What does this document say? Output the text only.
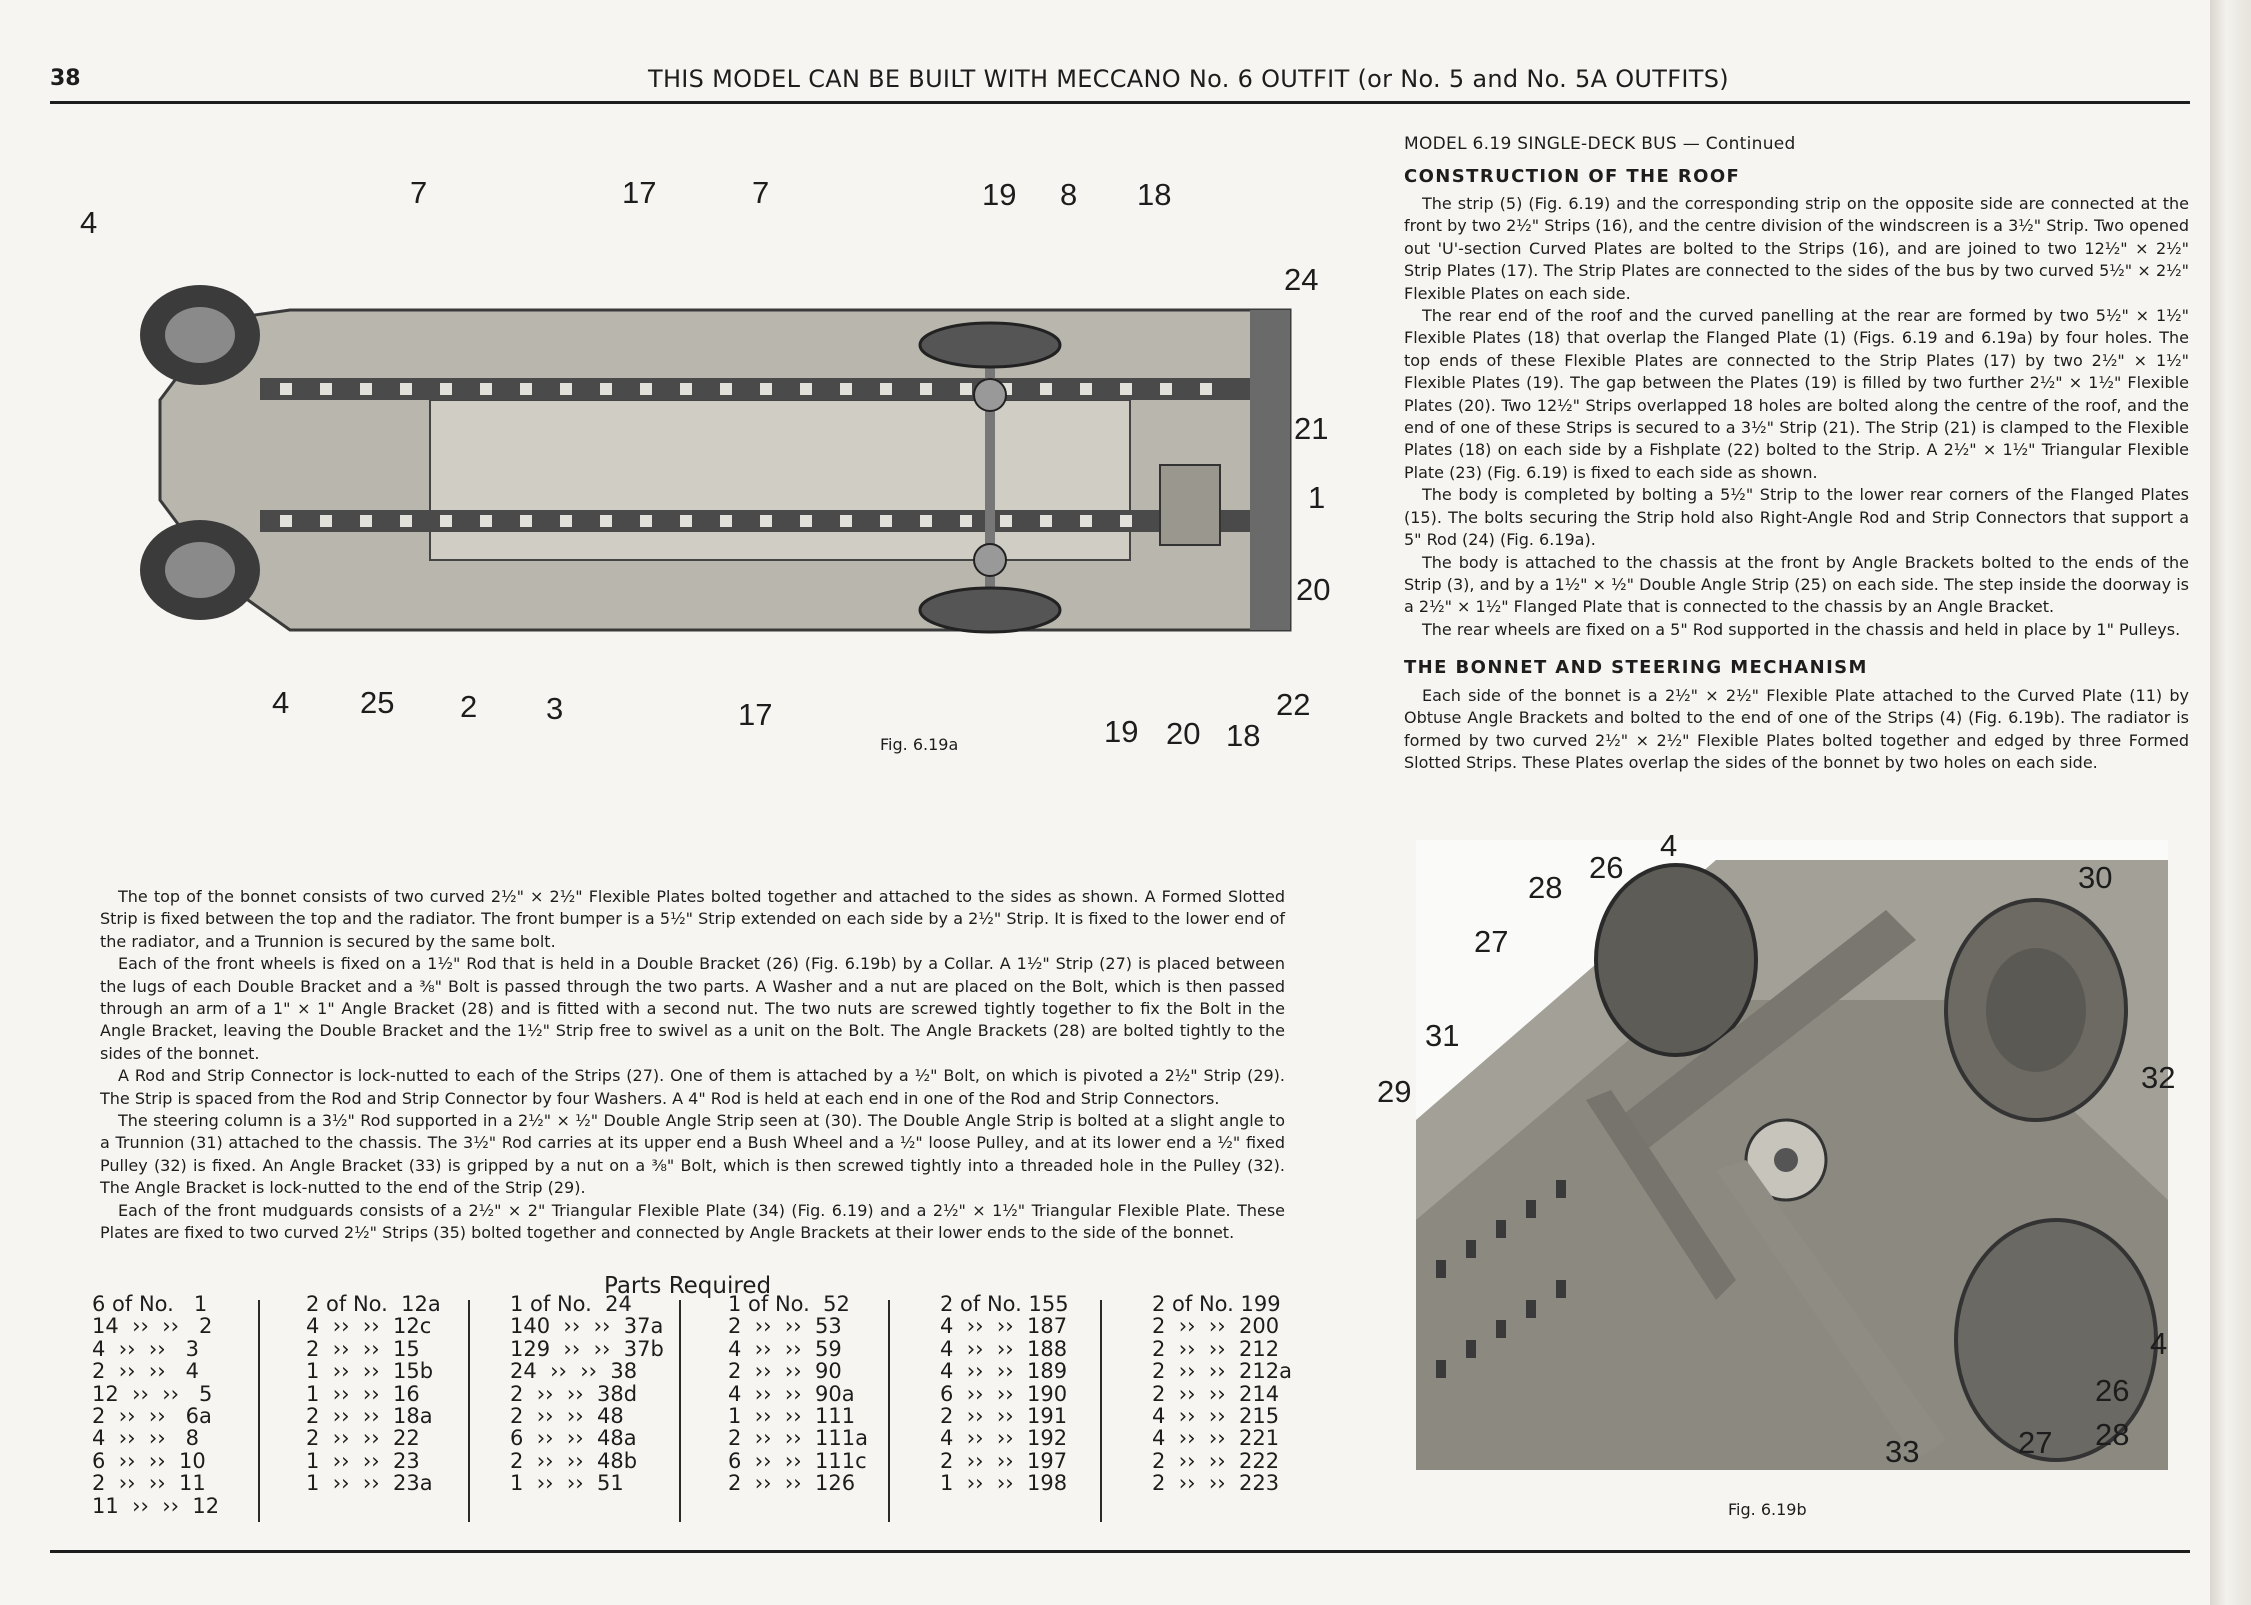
38	THIS MODEL CAN BE BUILT WITH MECCANO No. 6 OUTFIT (or No. 5 and No. 5A OUTFITS)
4
7	17	7	19 8 18
24
21
1
20
22
18
20
19
17
3
2
25
4
Fig. 6.19a
MODEL 6.19 SINGLE-DECK BUS — Continued
CONSTRUCTION OF THE ROOF

The strip (5) (Fig. 6.19) and the corresponding strip on the opposite side are connected at the front by two 2½" Strips (16), and the centre division of the windscreen is a 3½" Strip. Two opened out 'U'-section Curved Plates are bolted to the Strips (16), and are joined to two 12½" × 2½" Strip Plates (17). The Strip Plates are connected to the sides of the bus by two curved 5½" × 2½" Flexible Plates on each side.

The rear end of the roof and the curved panelling at the rear are formed by two 5½" × 1½" Flexible Plates (18) that overlap the Flanged Plate (1) (Figs. 6.19 and 6.19a) by four holes. The top ends of these Flexible Plates are connected to the Strip Plates (17) by two 2½" × 1½" Flexible Plates (19). The gap between the Plates (19) is filled by two further 2½" × 1½" Flexible Plates (20). Two 12½" Strips overlapped 18 holes are bolted along the centre of the roof, and the end of one of these Strips is secured to a 3½" Strip (21). The Strip (21) is clamped to the Flexible Plates (18) on each side by a Fishplate (22) bolted to the Strip. A 2½" × 1½" Triangular Flexible Plate (23) (Fig. 6.19) is fixed to each side as shown.

The body is completed by bolting a 5½" Strip to the lower rear corners of the Flanged Plates (15). The bolts securing the Strip hold also Right-Angle Rod and Strip Connectors that support a 5" Rod (24) (Fig. 6.19a).

The body is attached to the chassis at the front by Angle Brackets bolted to the ends of the Strip (3), and by a 1½" × ½" Double Angle Strip (25) on each side. The step inside the doorway is a 2½" × 1½" Flanged Plate that is connected to the chassis by an Angle Bracket.

The rear wheels are fixed on a 5" Rod supported in the chassis and held in place by 1" Pulleys.

THE BONNET AND STEERING MECHANISM

Each side of the bonnet is a 2½" × 2½" Flexible Plate attached to the Curved Plate (11) by Obtuse Angle Brackets and bolted to the end of one of the Strips (4) (Fig. 6.19b). The radiator is formed by two curved 2½" × 2½" Flexible Plates bolted together and edged by three Formed Slotted Strips. These Plates overlap the sides of the bonnet by two holes on each side.

28
26
4
30
27
31
29	32
4
26
28
27
33
Fig. 6.19b

The top of the bonnet consists of two curved 2½" × 2½" Flexible Plates bolted together and attached to the sides as shown. A Formed Slotted Strip is fixed between the top and the radiator. The front bumper is a 5½" Strip extended on each side by a 2½" Strip. It is fixed to the lower end of the radiator, and a Trunnion is secured by the same bolt.

Each of the front wheels is fixed on a 1½" Rod that is held in a Double Bracket (26) (Fig. 6.19b) by a Collar. A 1½" Strip (27) is placed between the lugs of each Double Bracket and a ⅜" Bolt is passed through the two parts. A Washer and a nut are placed on the Bolt, which is then passed through an arm of a 1" × 1" Angle Bracket (28) and is fitted with a second nut. The two nuts are screwed tightly together to fix the Bolt in the Angle Bracket, leaving the Double Bracket and the 1½" Strip free to swivel as a unit on the Bolt. The Angle Brackets (28) are bolted tightly to the sides of the bonnet.

A Rod and Strip Connector is lock-nutted to each of the Strips (27). One of them is attached by a ½" Bolt, on which is pivoted a 2½" Strip (29). The Strip is spaced from the Rod and Strip Connector by four Washers. A 4" Rod is held at each end in one of the Rod and Strip Connectors.

The steering column is a 3½" Rod supported in a 2½" × ½" Double Angle Strip seen at (30). The Double Angle Strip is bolted at a slight angle to a Trunnion (31) attached to the chassis. The 3½" Rod carries at its upper end a Bush Wheel and a ½" loose Pulley, and at its lower end a ½" fixed Pulley (32) is fixed. An Angle Bracket (33) is gripped by a nut on a ⅜" Bolt, which is then screwed tightly into a threaded hole in the Pulley (32). The Angle Bracket is lock-nutted to the end of the Strip (29).

Each of the front mudguards consists of a 2½" × 2" Triangular Flexible Plate (34) (Fig. 6.19) and a 2½" × 1½" Triangular Flexible Plate. These Plates are fixed to two curved 2½" Strips (35) bolted together and connected by Angle Brackets at their lower ends to the side of the bonnet.

Parts Required
6 of No.   1
14  ››  ››   2
4  ››  ››   3
2  ››  ››   4
12  ››  ››   5
2  ››  ››   6a
4  ››  ››   8
6  ››  ››  10
2  ››  ››  11
11  ››  ››  12
2 of No.  12a
4  ››  ››  12c
2  ››  ››  15
1  ››  ››  15b
1  ››  ››  16
2  ››  ››  18a
2  ››  ››  22
1  ››  ››  23
1  ››  ››  23a
1 of No.  24
140  ››  ››  37a
129  ››  ››  37b
24  ››  ››  38
2  ››  ››  38d
2  ››  ››  48
6  ››  ››  48a
2  ››  ››  48b
1  ››  ››  51
1 of No.  52
2  ››  ››  53
4  ››  ››  59
2  ››  ››  90
4  ››  ››  90a
1  ››  ››  111
2  ››  ››  111a
6  ››  ››  111c
2  ››  ››  126
2 of No. 155
4  ››  ››  187
4  ››  ››  188
4  ››  ››  189
6  ››  ››  190
2  ››  ››  191
4  ››  ››  192
2  ››  ››  197
1  ››  ››  198
2 of No. 199
2  ››  ››  200
2  ››  ››  212
2  ››  ››  212a
2  ››  ››  214
4  ››  ››  215
4  ››  ››  221
2  ››  ››  222
2  ››  ››  223
